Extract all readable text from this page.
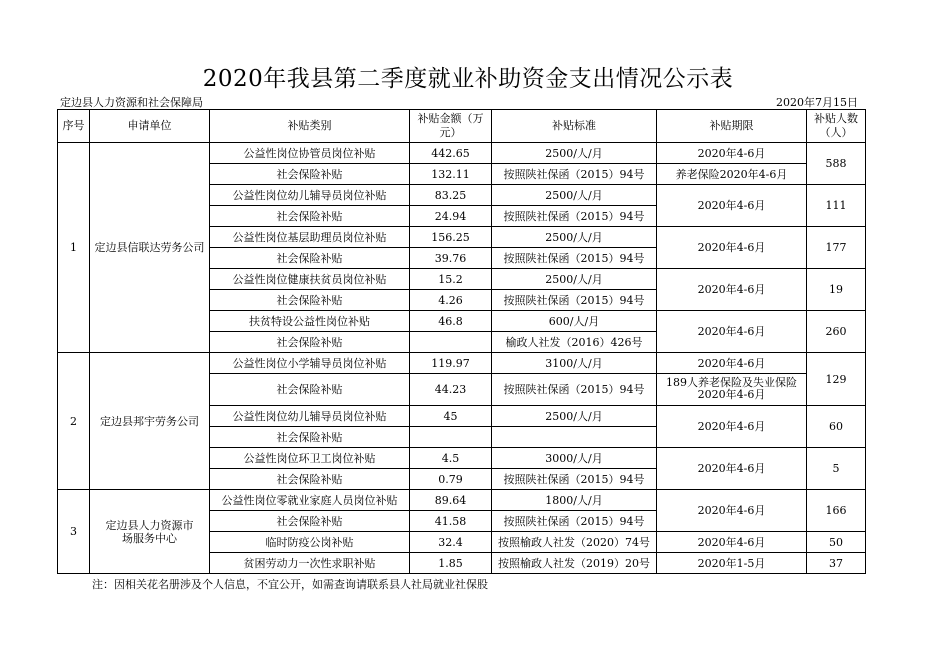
2020年我县第二季度就业补助资金支出情况公示表
定边县人力资源和社会保障局	2020年7月15日
序号	申请单位	补贴类别	补贴金额（万元）	补贴标准	补贴期限	补贴人数（人）
1	定边县信联达劳务公司	公益性岗位协管员岗位补贴	442.65	2500/人/月	2020年4-6月	588
		社会保险补贴	132.11	按照陕社保函（2015）94号	养老保险2020年4-6月	
		公益性岗位幼儿辅导员岗位补贴	83.25	2500/人/月	2020年4-6月	111
		社会保险补贴	24.94	按照陕社保函（2015）94号		
		公益性岗位基层助理员岗位补贴	156.25	2500/人/月	2020年4-6月	177
		社会保险补贴	39.76	按照陕社保函（2015）94号		
		公益性岗位健康扶贫员岗位补贴	15.2	2500/人/月	2020年4-6月	19
		社会保险补贴	4.26	按照陕社保函（2015）94号		
		扶贫特设公益性岗位补贴	46.8	600/人/月	2020年4-6月	260
		社会保险补贴		榆政人社发（2016）426号		
2	定边县邦宇劳务公司	公益性岗位小学辅导员岗位补贴	119.97	3100/人/月	2020年4-6月	129
		社会保险补贴	44.23	按照陕社保函（2015）94号	189人养老保险及失业保险2020年4-6月	

		公益性岗位幼儿辅导员岗位补贴	45	2500/人/月	2020年4-6月	60
		社会保险补贴				
		公益性岗位环卫工岗位补贴	4.5	3000/人/月	2020年4-6月	5
		社会保险补贴	0.79	按照陕社保函（2015）94号		
3	定边县人力资源市场服务中心	公益性岗位零就业家庭人员岗位补贴	89.64	1800/人/月	2020年4-6月	166
		社会保险补贴	41.58	按照陕社保函（2015）94号		
		临时防疫公岗补贴	32.4	按照榆政人社发（2020）74号	2020年4-6月	50
		贫困劳动力一次性求职补贴	1.85	按照榆政人社发（2019）20号	2020年1-5月	37
注：因相关花名册涉及个人信息，不宜公开，如需查询请联系县人社局就业社保股
